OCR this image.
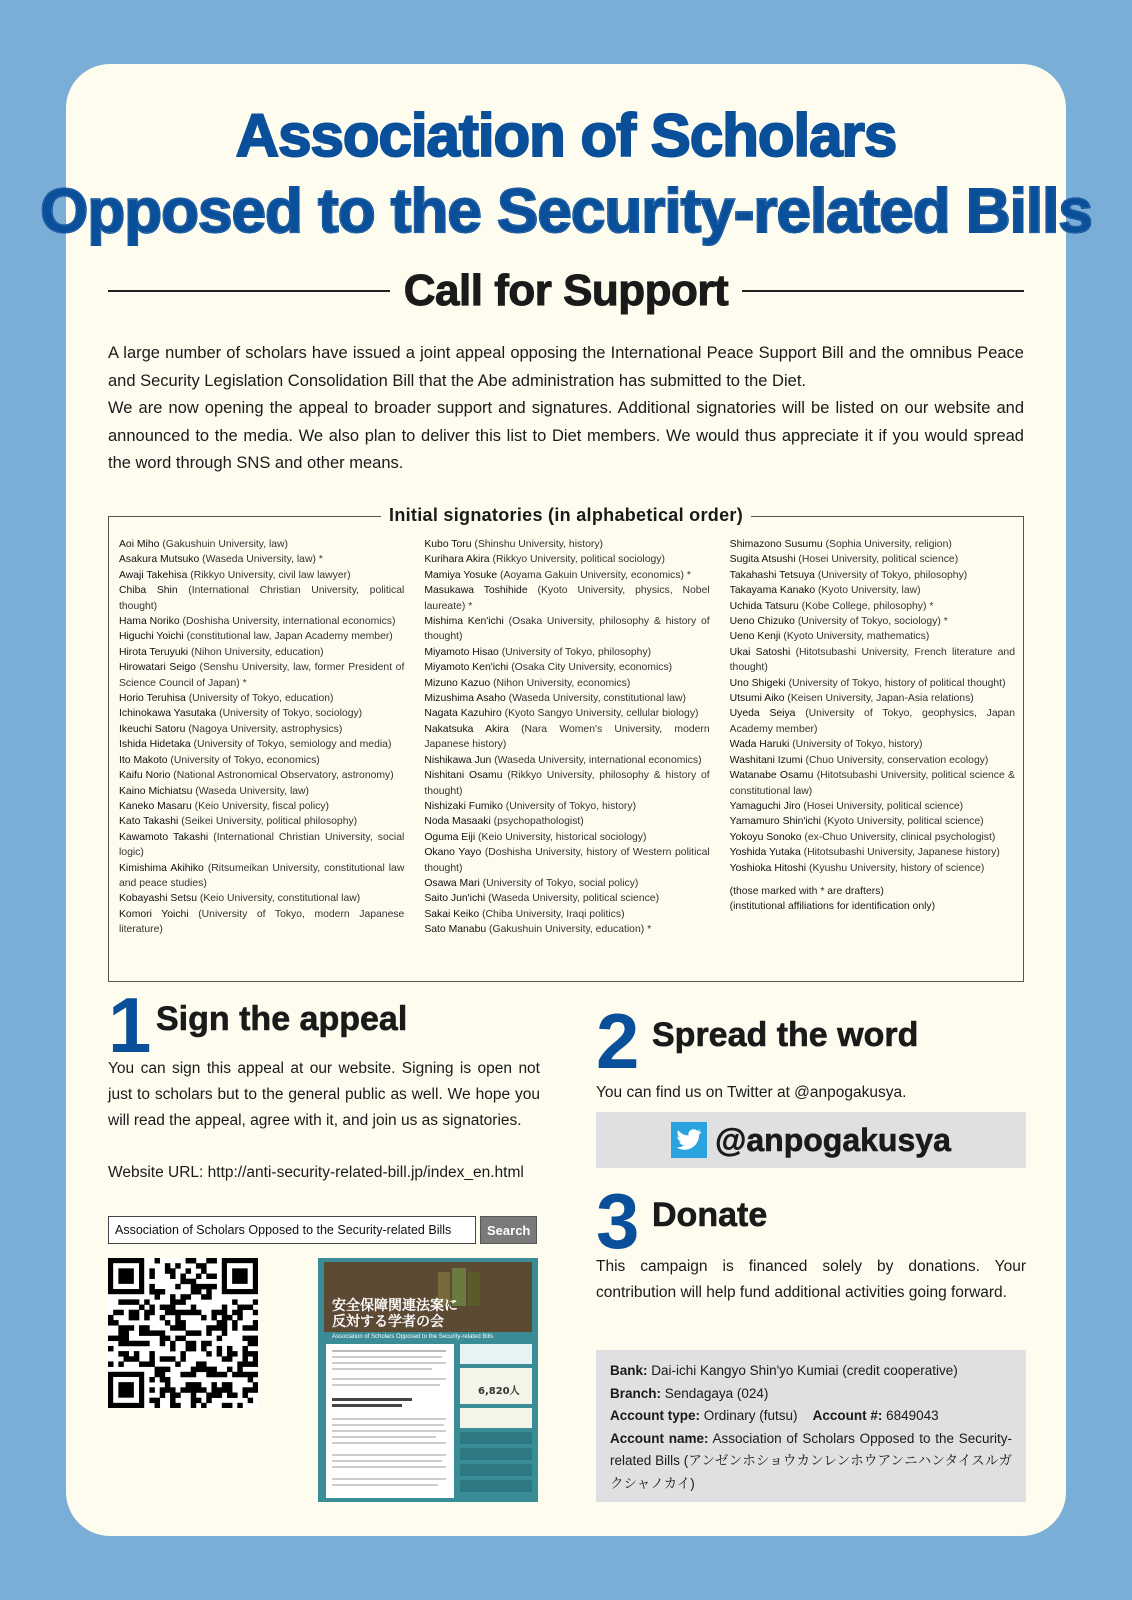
Association of Scholars
Opposed to the Security-related Bills
Call for Support

A large number of scholars have issued a joint appeal opposing the International Peace Support Bill and the omnibus Peace and Security Legislation Consolidation Bill that the Abe administration has submitted to the Diet.

We are now opening the appeal to broader support and signatures. Additional signatories will be listed on our website and announced to the media. We also plan to deliver this list to Diet members. We would thus appreciate it if you would spread the word through SNS and other means.

Initial signatories (in alphabetical order)
Aoi Miho (Gakushuin University, law)
Asakura Mutsuko (Waseda University, law) *
Awaji Takehisa (Rikkyo University, civil law lawyer)
Chiba Shin (International Christian University, political thought)
Hama Noriko (Doshisha University, international economics)
Higuchi Yoichi (constitutional law, Japan Academy member)
Hirota Teruyuki (Nihon University, education)
Hirowatari Seigo (Senshu University, law, former President of Science Council of Japan) *
Horio Teruhisa (University of Tokyo, education)
Ichinokawa Yasutaka (University of Tokyo, sociology)
Ikeuchi Satoru (Nagoya University, astrophysics)
Ishida Hidetaka (University of Tokyo, semiology and media)
Ito Makoto (University of Tokyo, economics)
Kaifu Norio (National Astronomical Observatory, astronomy)
Kaino Michiatsu (Waseda University, law)
Kaneko Masaru (Keio University, fiscal policy)
Kato Takashi (Seikei University, political philosophy)
Kawamoto Takashi (International Christian University, social logic)
Kimishima Akihiko (Ritsumeikan University, constitutional law and peace studies)
Kobayashi Setsu (Keio University, constitutional law)
Komori Yoichi (University of Tokyo, modern Japanese literature)
Kubo Toru (Shinshu University, history)
Kurihara Akira (Rikkyo University, political sociology)
Mamiya Yosuke (Aoyama Gakuin University, economics) *
Masukawa Toshihide (Kyoto University, physics, Nobel laureate) *
Mishima Ken'ichi (Osaka University, philosophy & history of thought)
Miyamoto Hisao (University of Tokyo, philosophy)
Miyamoto Ken'ichi (Osaka City University, economics)
Mizuno Kazuo (Nihon University, economics)
Mizushima Asaho (Waseda University, constitutional law)
Nagata Kazuhiro (Kyoto Sangyo University, cellular biology)
Nakatsuka Akira (Nara Women's University, modern Japanese history)
Nishikawa Jun (Waseda University, international economics)
Nishitani Osamu (Rikkyo University, philosophy & history of thought)
Nishizaki Fumiko (University of Tokyo, history)
Noda Masaaki (psychopathologist)
Oguma Eiji (Keio University, historical sociology)
Okano Yayo (Doshisha University, history of Western political thought)
Osawa Mari (University of Tokyo, social policy)
Saito Jun'ichi (Waseda University, political science)
Sakai Keiko (Chiba University, Iraqi politics)
Sato Manabu (Gakushuin University, education) *
Shimazono Susumu (Sophia University, religion)
Sugita Atsushi (Hosei University, political science)
Takahashi Tetsuya (University of Tokyo, philosophy)
Takayama Kanako (Kyoto University, law)
Uchida Tatsuru (Kobe College, philosophy) *
Ueno Chizuko (University of Tokyo, sociology) *
Ueno Kenji (Kyoto University, mathematics)
Ukai Satoshi (Hitotsubashi University, French literature and thought)
Uno Shigeki (University of Tokyo, history of political thought)
Utsumi Aiko (Keisen University, Japan-Asia relations)
Uyeda Seiya (University of Tokyo, geophysics, Japan Academy member)
Wada Haruki (University of Tokyo, history)
Washitani Izumi (Chuo University, conservation ecology)
Watanabe Osamu (Hitotsubashi University, political science & constitutional law)
Yamaguchi Jiro (Hosei University, political science)
Yamamuro Shin'ichi (Kyoto University, political science)
Yokoyu Sonoko (ex-Chuo University, clinical psychologist)
Yoshida Yutaka (Hitotsubashi University, Japanese history)
Yoshioka Hitoshi (Kyushu University, history of science)
(those marked with * are drafters)
(institutional affiliations for identification only)
1 Sign the appeal
You can sign this appeal at our website. Signing is open not just to scholars but to the general public as well. We hope you will read the appeal, agree with it, and join us as signatories.
Website URL: http://anti-security-related-bill.jp/index_en.html
Association of Scholars Opposed to the Security-related Bills	Search
安全保障関連法案に
反対する学者の会
Association of Scholars Opposed to the Security-related Bills
6,820人
2 Spread the word
You can find us on Twitter at @anpogakusya.
@anpogakusya
3 Donate
This campaign is financed solely by donations. Your contribution will help fund additional activities going forward.
Bank: Dai-ichi Kangyo Shin'yo Kumiai (credit cooperative)
Branch: Sendagaya (024)
Account type: Ordinary (futsu) Account #: 6849043
Account name: Association of Scholars Opposed to the Security-related Bills (アンゼンホショウカンレンホウアンニハンタイスルガクシャノカイ)
